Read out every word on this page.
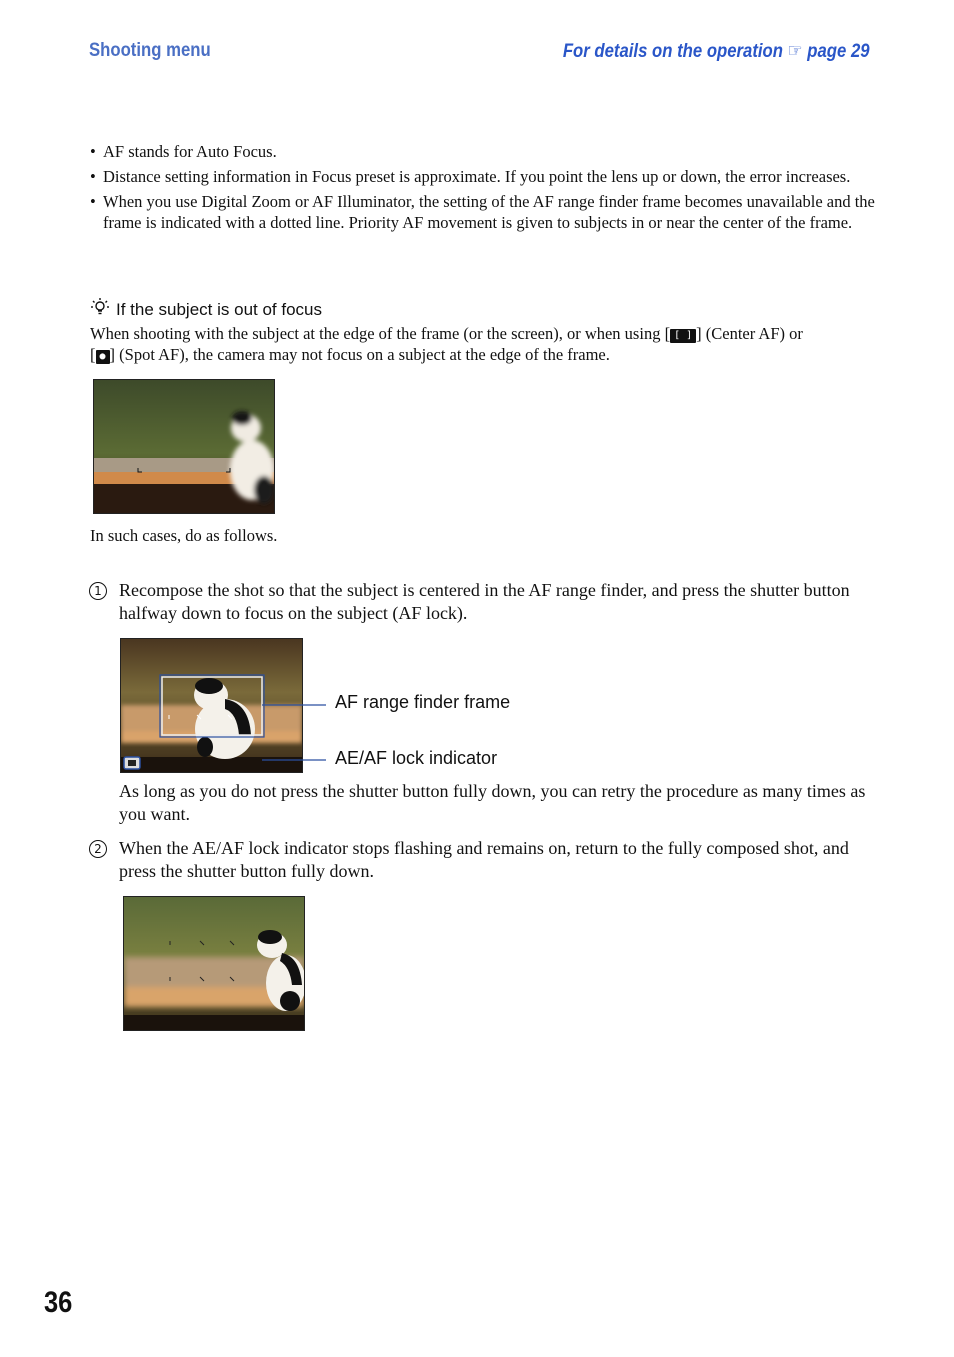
Shooting menu	For details on the operation ☞ page 29
• AF stands for Auto Focus.
• Distance setting information in Focus preset is approximate. If you point the lens up or down, the error increases.
• When you use Digital Zoom or AF Illuminator, the setting of the AF range finder frame becomes unavailable and the frame is indicated with a dotted line. Priority AF movement is given to subjects in or near the center of the frame.
If the subject is out of focus
When shooting with the subject at the edge of the frame (or the screen), or when using [ [ ] ] (Center AF) or
[ ● ] (Spot AF), the camera may not focus on a subject at the edge of the frame.
In such cases, do as follows.
1 Recompose the shot so that the subject is centered in the AF range finder, and press the shutter button halfway down to focus on the subject (AF lock).
AF range finder frame
AE/AF lock indicator
As long as you do not press the shutter button fully down, you can retry the procedure as many times as you want.
2 When the AE/AF lock indicator stops flashing and remains on, return to the fully composed shot, and press the shutter button fully down.
36
